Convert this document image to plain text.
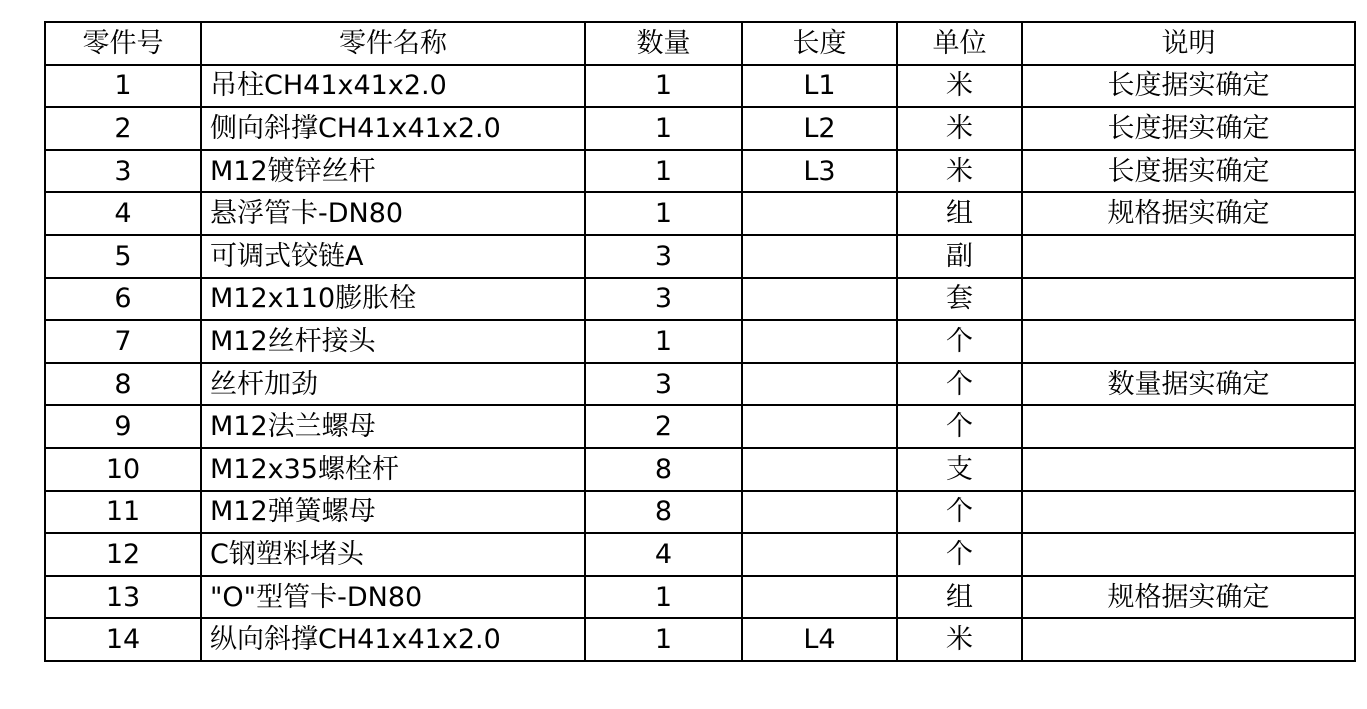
零件号	零件名称	数量	长度	单位	说明
1	吊柱CH41x41x2.0	1	L1	米	长度据实确定
2	侧向斜撑CH41x41x2.0	1	L2	米	长度据实确定
3	M12镀锌丝杆	1	L3	米	长度据实确定
4	悬浮管卡-DN80	1		组	规格据实确定
5	可调式铰链A	3		副	
6	M12x110膨胀栓	3		套	
7	M12丝杆接头	1		个	
8	丝杆加劲	3		个	数量据实确定
9	M12法兰螺母	2		个	
10	M12x35螺栓杆	8		支	
11	M12弹簧螺母	8		个	
12	C钢塑料堵头	4		个	
13	"O"型管卡-DN80	1		组	规格据实确定
14	纵向斜撑CH41x41x2.0	1	L4	米	
